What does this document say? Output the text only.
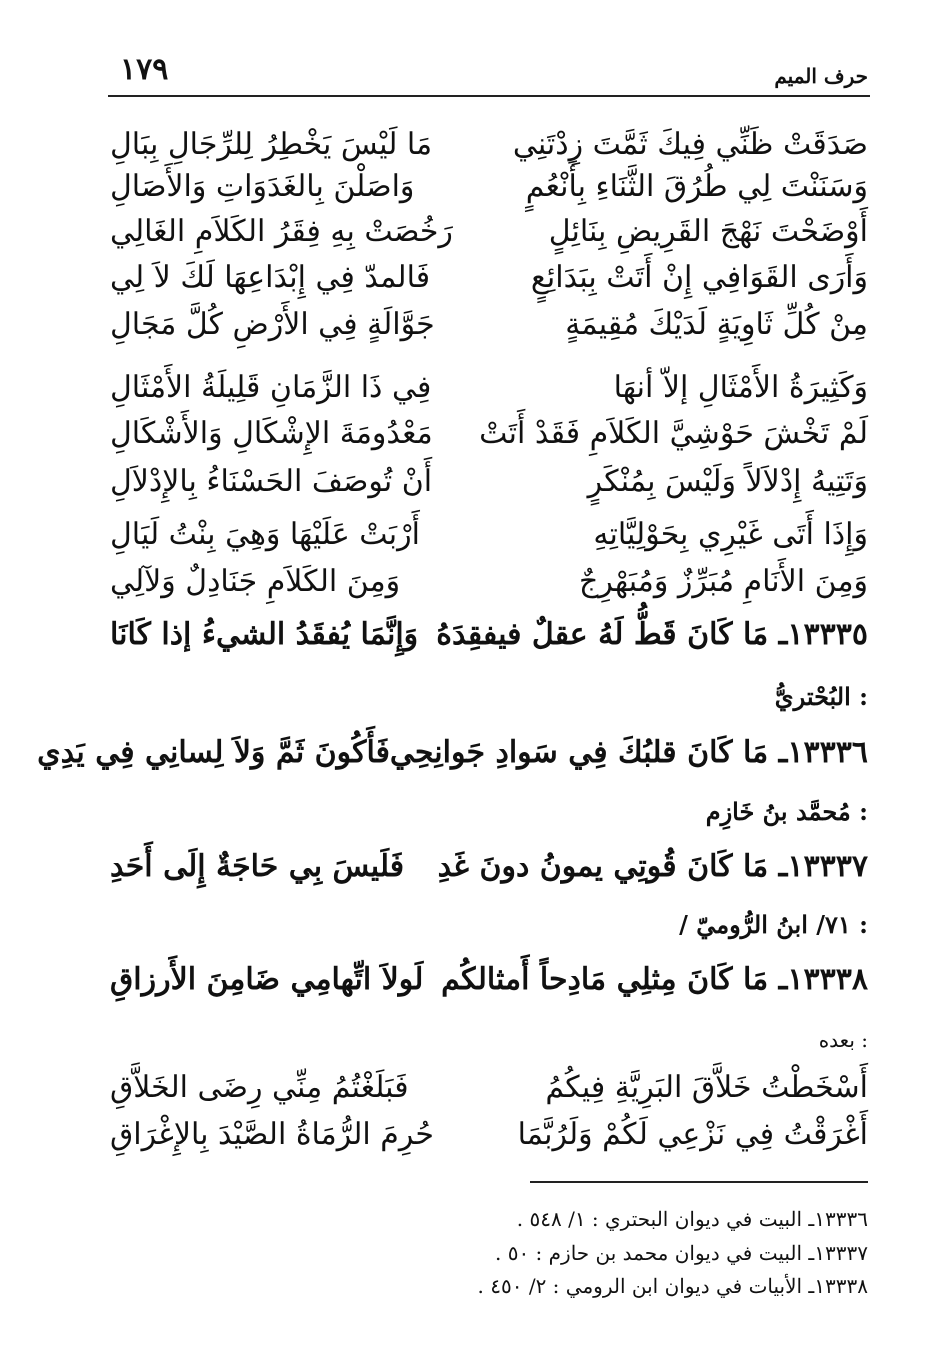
حرف الميم
١٧٩
صَدَقَتْ ظَنِّي فِيكَ ثَمَّتَ زِدْتَنِي
مَا لَيْسَ يَخْطِرُ لِلرِّجَالِ بِبَالِ
وَسَنَنْتَ لِي طُرُقَ الثَّنَاءِ بِأَنْعُمٍ
وَاصَلْنَ بِالغَدَوَاتِ وَالأَصَالِ
أَوْضَحْتَ نَهْجَ القَرِيضِ بِنَائِلٍ
رَخُصَتْ بِهِ فِقَرُ الكَلاَمِ الغَالِي
وَأَرَى القَوَافِي إِنْ أَتَتْ بِبَدَائِعٍ
فَالمدّ فِي إِبْدَاعِهَا لَكَ لاَ لِي
مِنْ كُلِّ ثَاوِيَةٍ لَدَيْكَ مُقِيمَةٍ
جَوَّالَةٍ فِي الأَرْضِ كُلَّ مَجَالِ
وَكَثِيرَةُ الأَمْثَالِ إلاّ أنهَا
فِي ذَا الزَّمَانِ قَلِيلَةُ الأَمْثَالِ
لَمْ تَخْشَ حَوْشِيَّ الكَلاَمِ فَقَدْ أَتَتْ
مَعْدُومَةَ الإِشْكَالِ وَالأَشْكَالِ
وَتَتِيهُ إِدْلاَلاً وَلَيْسَ بِمُنْكَرٍ
أَنْ تُوصَفَ الحَسْنَاءُ بِالإِدْلاَلِ
وَإِذَا أَتَى غَيْرِي بِحَوْلِيَّاتِهِ
أَرْبَتْ عَلَيْهَا وَهِيَ بِنْتُ لَيَالِ
وَمِنَ الأَنَامِ مُبَرِّزٌ وَمُبَهْرِجٌ
وَمِنَ الكَلاَمِ جَنَادِلٌ وَلآلِي
١٣٣٣٥ـ مَا كَانَ قَطُّ لَهُ عقلٌ فيفقِدَهُ
وَإِنَّمَا يُفقَدُ الشيءُ إذا كَانَا
البُحْتريُّ :
١٣٣٣٦ـ مَا كَانَ قلبُكَ فِي سَوادِ جَوانِحِي
فَأَكُونَ ثَمَّ وَلاَ لِسانِي فِي يَدِي
مُحمَّد بنُ خَازِم :
١٣٣٣٧ـ مَا كَانَ قُوتِي يمونُ دونَ غَدِ
فَلَيسَ بِي حَاجَةٌ إِلَى أَحَدِ
/ ٧١/ ابنُ الرُّوميّ :
١٣٣٣٨ـ مَا كَانَ مِثلِي مَادِحاً أَمثالكُم
لَولاَ اتِّهامِي ضَامِنَ الأَرزاقِ
بعده :
أَسْخَطْتُ خَلاَّقَ البَرِيَّةِ فِيكُمُ
فَبَلَغْتُمُ مِنِّي رِضَى الخَلاَّقِ
أَغْرَقْتُ فِي نَزْعِي لَكُمْ وَلَرُبَّمَا
حُرِمَ الرُّمَاةُ الصَّيْدَ بِالإِغْرَاقِ
١٣٣٣٦ـ البيت في ديوان البحتري : ١/ ٥٤٨ .
١٣٣٣٧ـ البيت في ديوان محمد بن حازم : ٥٠ .
١٣٣٣٨ـ الأبيات في ديوان ابن الرومي : ٢/ ٤٥٠ .
